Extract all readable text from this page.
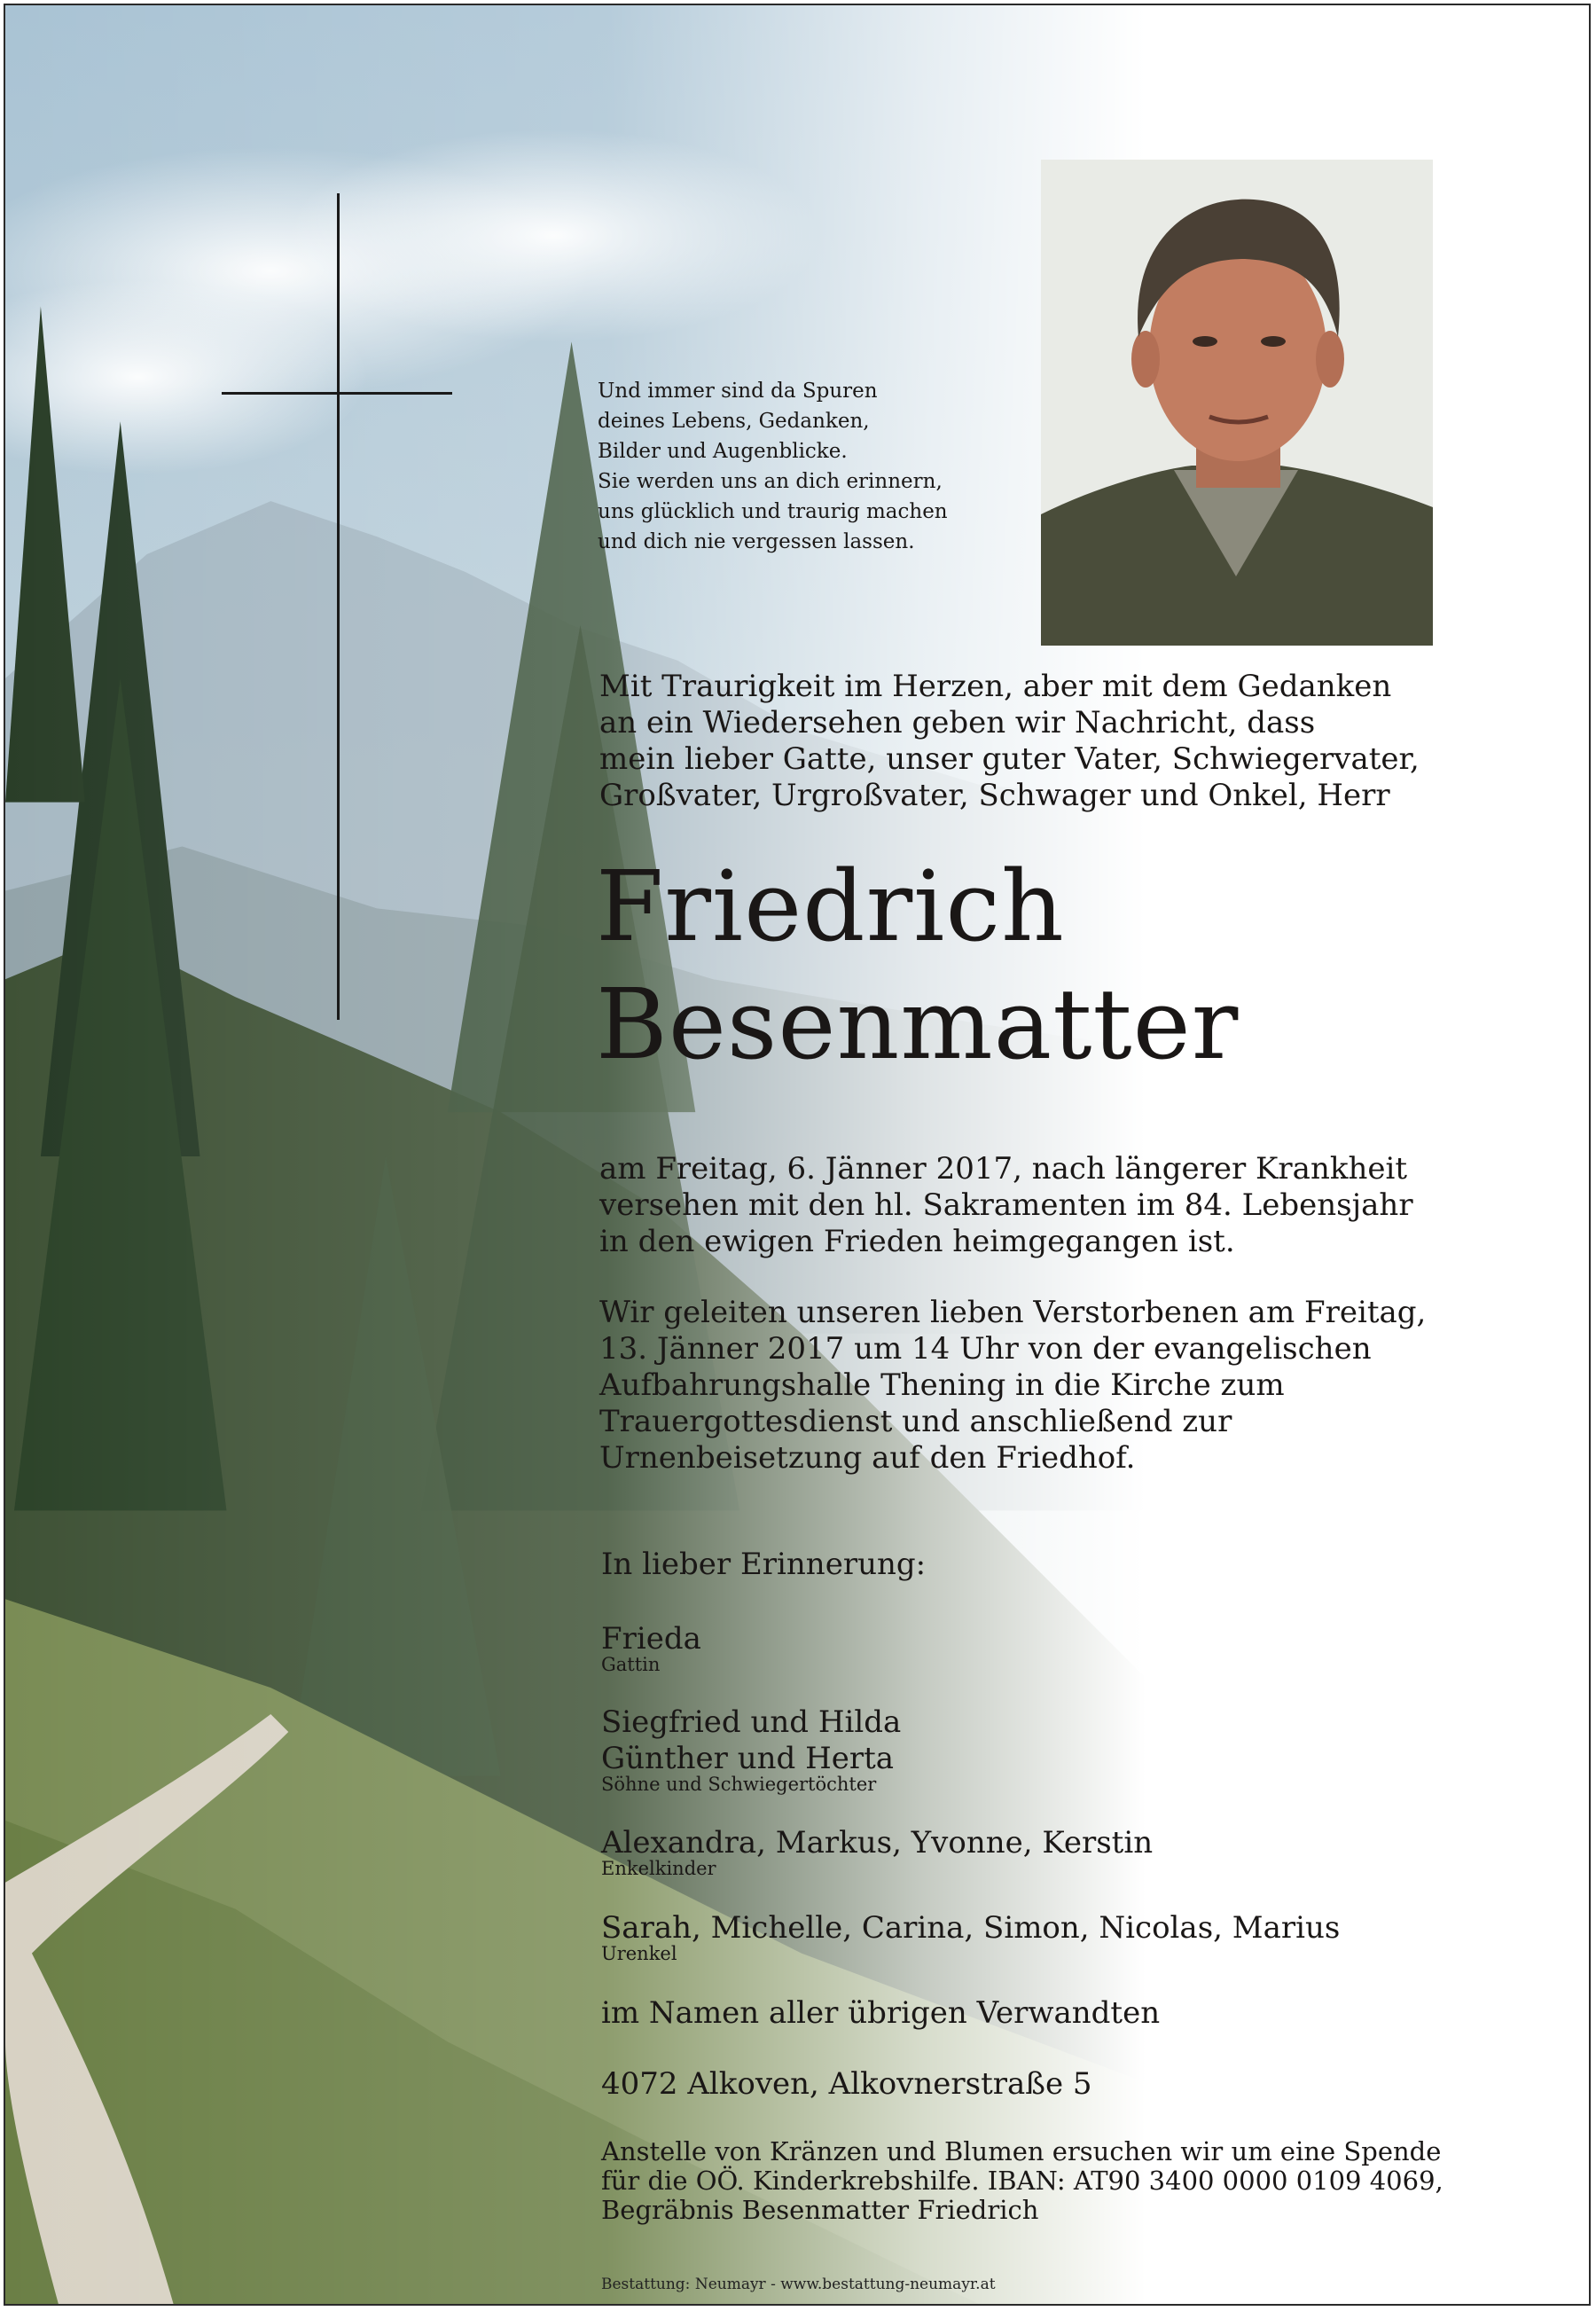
Und immer sind da Spuren
deines Lebens, Gedanken,
Bilder und Augenblicke.
Sie werden uns an dich erinnern,
uns glücklich und traurig machen
und dich nie vergessen lassen.
Mit Traurigkeit im Herzen, aber mit dem Gedanken
an ein Wiedersehen geben wir Nachricht, dass
mein lieber Gatte, unser guter Vater, Schwiegervater,
Großvater, Urgroßvater, Schwager und Onkel, Herr
Friedrich
Besenmatter
am Freitag, 6. Jänner 2017, nach längerer Krankheit
versehen mit den hl. Sakramenten im 84. Lebensjahr
in den ewigen Frieden heimgegangen ist.
Wir geleiten unseren lieben Verstorbenen am Freitag,
13. Jänner 2017 um 14 Uhr von der evangelischen
Aufbahrungshalle Thening in die Kirche zum
Trauergottesdienst und anschließend zur
Urnenbeisetzung auf den Friedhof.
In lieber Erinnerung:
Frieda
Gattin
Siegfried und Hilda
Günther und Herta
Söhne und Schwiegertöchter
Alexandra, Markus, Yvonne, Kerstin
Enkelkinder
Sarah, Michelle, Carina, Simon, Nicolas, Marius
Urenkel
im Namen aller übrigen Verwandten
4072 Alkoven, Alkovnerstraße 5
Anstelle von Kränzen und Blumen ersuchen wir um eine Spende
für die OÖ. Kinderkrebshilfe. IBAN: AT90 3400 0000 0109 4069,
Begräbnis Besenmatter Friedrich
Bestattung: Neumayr - www.bestattung-neumayr.at
